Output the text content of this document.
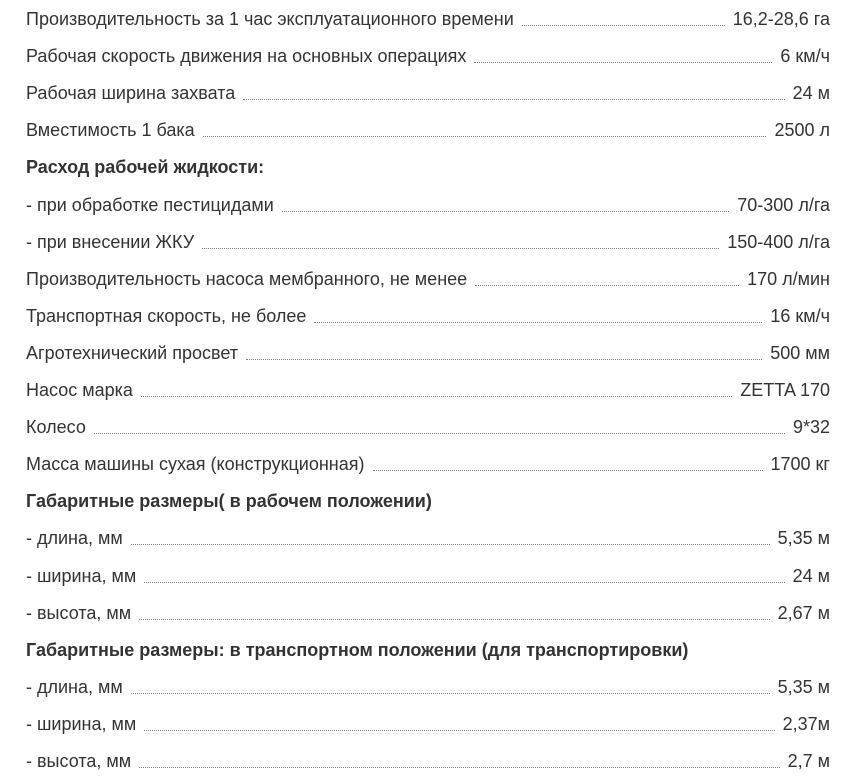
Производительность за 1 час эксплуатационного времени	16,2-28,6 га
Рабочая скорость движения на основных операциях	6 км/ч
Рабочая ширина захвата	24 м
Вместимость 1 бака	2500 л
Расход рабочей жидкости:
- при обработке пестицидами	70-300 л/га
- при внесении ЖКУ	150-400 л/га
Производительность насоса мембранного, не менее	170 л/мин
Транспортная скорость, не более	16 км/ч
Агротехнический просвет	500 мм
Насос марка	ZETTA 170
Колесо	9*32
Масса машины сухая (конструкционная)	1700 кг
Габаритные размеры( в рабочем положении)
- длина, мм	5,35 м
- ширина, мм	24 м
- высота, мм	2,67 м
Габаритные размеры: в транспортном положении (для транспортировки)
- длина, мм	5,35 м
- ширина, мм	2,37м
- высота, мм	2,7 м
